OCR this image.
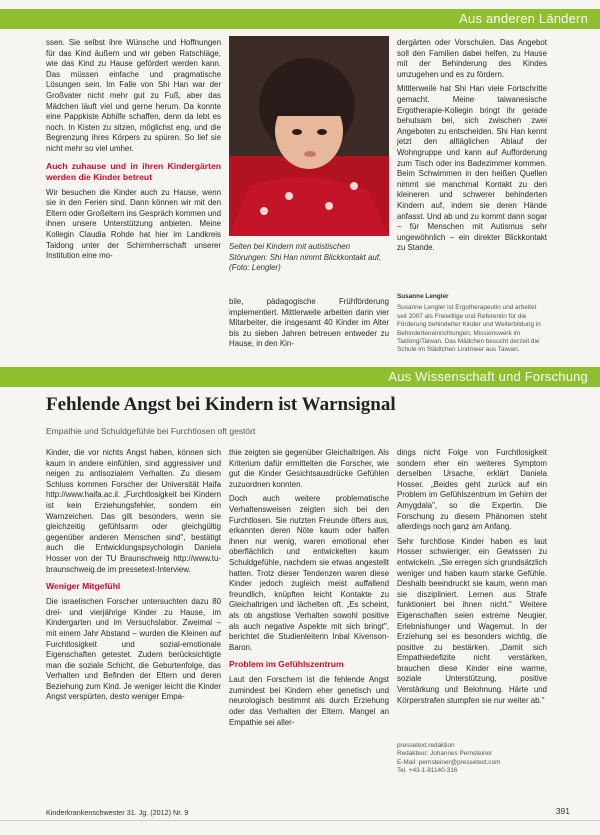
Aus anderen Ländern

ssen. Sie selbst ihre Wünsche und Hoffnungen für das Kind äußern und wir geben Ratschläge, wie das Kind zu Hause gefördert werden kann. Das müssen einfache und pragmatische Lösungen sein. Im Falle von Shi Han war der Großvater nicht mehr gut zu Fuß, aber das Mädchen läuft viel und gerne herum. Da konnte eine Pappkiste Abhilfe schaffen, denn da lebt es noch. In Kisten zu sitzen, möglichst eng, und die Begrenzung ihres Körpers zu spüren. So lief sie nicht mehr so viel umher.

Auch zuhause und in ihren Kindergärten werden die Kinder betreut

Wir besuchen die Kinder auch zu Hause, wenn sie in den Ferien sind. Dann können wir mit den Eltern oder Großeltern ins Gespräch kommen und ihnen unsere Unterstützung anbieten. Meine Kollegin Claudia Rohde hat hier im Landkreis Taidong unter der Schirmherrschaft unserer Institution eine mo-

Selten bei Kindern mit autistischen Störungen: Shi Han nimmt Blickkontakt auf. (Foto: Lengler)

bile, pädagogische Frühförderung implementiert. Mittlerweile arbeiten darin vier Mitarbeiter, die insgesamt 40 Kinder im Alter bis zu sieben Jahren betreuen entweder zu Hause, in den Kin-

dergärten oder Vorschulen. Das Angebot soll den Familien dabei helfen, zu Hause mit der Behinderung des Kindes umzugehen und es zu fördern.

Mittlerweile hat Shi Han viele Fortschritte gemacht. Meine taiwanesische Ergotherapie-Kollegin bringt ihr gerade behutsam bei, sich zwischen zwei Angeboten zu entscheiden. Shi Han kennt jetzt den alltäglichen Ablauf der Wohngruppe und kann auf Aufforderung zum Tisch oder ins Badezimmer kommen. Beim Schwimmen in den heißen Quellen nimmt sie manchmal Kontakt zu den kleineren und schwerer behinderten Kindern auf, indem sie deren Hände anfasst. Und ab und zu kommt dann sogar – für Menschen mit Autismus sehr ungewöhnlich – ein direkter Blickkontakt zu Stande.

Susanne Lengler
Susanne Lengler ist Ergotherapeutin und arbeitet seit 2007 als Freiwillige und Referentin für die Förderung behinderter Kinder und Weiterbildung in Behinderteneinrichtungen, Missionswerk im Taidong/Taiwan. Das Mädchen besucht derzeit die Schule im Städtchen Lindmeer aus Taiwan.
Aus Wissenschaft und Forschung
Fehlende Angst bei Kindern ist Warnsignal
Empathie und Schuldgefühle bei Furchtlosen oft gestört

Kinder, die vor nichts Angst haben, können sich kaum in andere einfühlen, sind aggressiver und neigen zu antisozialem Verhalten. Zu diesem Schluss kommen Forscher der Universität Haifa http://www.haifa.ac.il. „Furchtlosigkeit bei Kindern ist kein Erziehungsfehler, sondern ein Warnzeichen. Das gilt besonders, wenn sie gleichzeitig gefühlsarm oder gleichgültig gegenüber anderen Menschen sind", bestätigt auch die Entwicklungspsychologin Daniela Hosser von der TU Braunschweig http://www.tu-braunschweig.de im pressetext-Interview.

Weniger Mitgefühl

Die israelischen Forscher untersuchten dazu 80 drei- und vierjährige Kinder zu Hause, im Kindergarten und im Versuchslabor. Zweimal – mit einem Jahr Abstand – wurden die Kleinen auf Furchtlosigkeit und sozial-emotionale Eigenschaften getestet. Zudem berücksichtigte man die soziale Schicht, die Geburtenfolge, das Verhalten und Befinden der Eltern und deren Beziehung zum Kind. Je weniger leicht die Kinder Angst verspürten, desto weniger Empa-

thie zeigten sie gegenüber Gleichaltrigen. Als Kriterium dafür ermittelten die Forscher, wie gut die Kinder Gesichtsausdrücke Gefühlen zuzuordnen konnten.

Doch auch weitere problematische Verhaltensweisen zeigten sich bei den Furchtlosen. Sie nutzten Freunde öfters aus, erkannten deren Nöte kaum oder halfen ihnen nur wenig, waren emotional eher oberflächlich und entwickelten kaum Schuldgefühle, nachdem sie etwas angestellt hatten. Trotz dieser Tendenzen waren diese Kinder jedoch zugleich meist auffallend freundlich, knüpften leicht Kontakte zu Gleichaltrigen und lächelten oft. „Es scheint, als ob angstlose Verhalten sowohl positive als auch negative Aspekte mit sich bringt", berichtet die Studienleiterin Inbal Kivenson-Baron.

Problem im Gefühlszentrum

Laut den Forschern ist die fehlende Angst zumindest bei Kindern eher genetisch und neurologisch bestimmt als durch Erziehung oder das Verhalten der Eltern. Mangel an Empathie sei aller-

dings nicht Folge von Furchtlosigkeit sondern eher ein weiteres Symptom derselben Ursache, erklärt Daniela Hosser. „Beides geht zurück auf ein Problem im Gefühlszentrum im Gehirn der Amygdala", so die Expertin. Die Forschung zu diesem Phänomen steht allerdings noch ganz am Anfang.

Sehr furchtlose Kinder haben es laut Hosser schwieriger, ein Gewissen zu entwickeln. „Sie erregen sich grundsätzlich weniger und haben kaum starke Gefühle. Deshalb beeindruckt sie kaum, wenn man sie diszipliniert. Lernen aus Strafe funktioniert bei ihnen nicht." Weitere Eigenschaften seien extreme Neugier, Erlebnishunger und Wagemut. In der Erziehung sei es besonders wichtig, die positive zu bestärken. „Damit sich Empathiedefizite nicht verstärken, brauchen diese Kinder eine warme, soziale Unterstützung, positive Verstärkung und Belohnung. Härte und Körperstrafen stumpfen sie nur weiter ab."

pressetext.redaktion
Redakteur: Johannes Pernsteiner
E-Mail: pernsteiner@pressetext.com
Tel. +43-1-81140-316
Kinderkrankenschwester 31. Jg. (2012) Nr. 9	391
